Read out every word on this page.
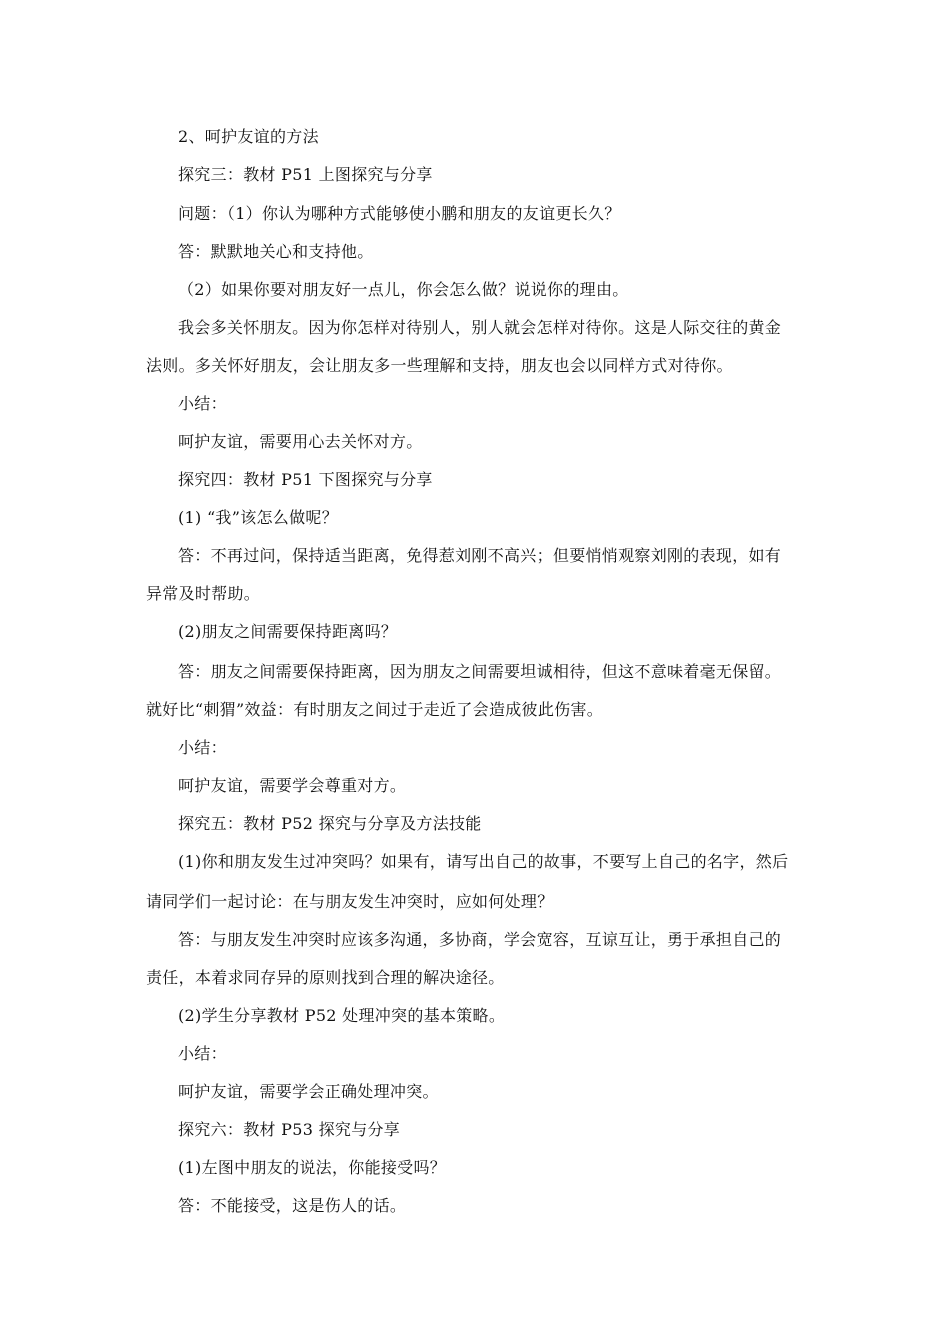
2、呵护友谊的方法
探究三：教材 P51 上图探究与分享
问题：（1）你认为哪种方式能够使小鹏和朋友的友谊更长久？
答：默默地关心和支持他。
（2）如果你要对朋友好一点儿，你会怎么做？说说你的理由。
我会多关怀朋友。因为你怎样对待别人，别人就会怎样对待你。这是人际交往的黄金
法则。多关怀好朋友，会让朋友多一些理解和支持，朋友也会以同样方式对待你。
小结：
呵护友谊，需要用心去关怀对方。
探究四：教材 P51 下图探究与分享
(1) “我”该怎么做呢？
答：不再过问，保持适当距离，免得惹刘刚不高兴；但要悄悄观察刘刚的表现，如有
异常及时帮助。
(2)朋友之间需要保持距离吗？
答：朋友之间需要保持距离，因为朋友之间需要坦诚相待，但这不意味着毫无保留。
就好比“刺猬”效益：有时朋友之间过于走近了会造成彼此伤害。
小结：
呵护友谊，需要学会尊重对方。
探究五：教材 P52 探究与分享及方法技能
(1)你和朋友发生过冲突吗？如果有，请写出自己的故事，不要写上自己的名字，然后
请同学们一起讨论：在与朋友发生冲突时，应如何处理？
答：与朋友发生冲突时应该多沟通，多协商，学会宽容，互谅互让，勇于承担自己的
责任，本着求同存异的原则找到合理的解决途径。
(2)学生分享教材 P52 处理冲突的基本策略。
小结：
呵护友谊，需要学会正确处理冲突。
探究六：教材 P53 探究与分享
(1)左图中朋友的说法，你能接受吗？
答：不能接受，这是伤人的话。
